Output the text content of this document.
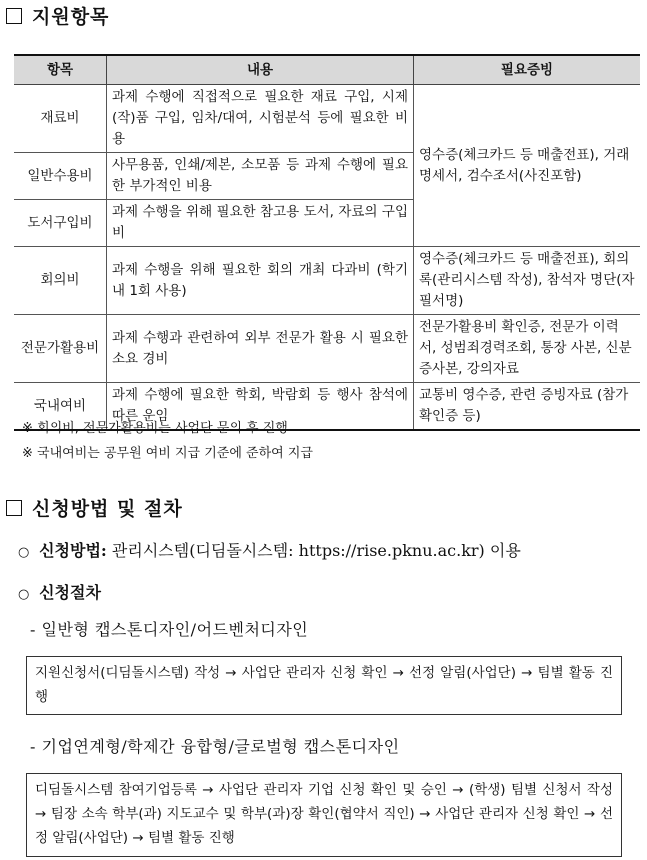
지원항목
항목	내용	필요증빙
재료비	과제 수행에 직접적으로 필요한 재료 구입, 시제(작)품 구입, 임차/대여, 시험분석 등에 필요한 비용	영수증(체크카드 등 매출전표), 거래명세서, 검수조서(사진포함)
일반수용비	사무용품, 인쇄/제본, 소모품 등 과제 수행에 필요한 부가적인 비용	
도서구입비	과제 수행을 위해 필요한 참고용 도서, 자료의 구입비	
회의비	과제 수행을 위해 필요한 회의 개최 다과비 (학기내 1회 사용)	영수증(체크카드 등 매출전표), 회의록(관리시스템 작성), 참석자 명단(자필서명)
전문가활용비	과제 수행과 관련하여 외부 전문가 활용 시 필요한 소요 경비	전문가활용비 확인증, 전문가 이력서, 성범죄경력조회, 통장 사본, 신분증사본, 강의자료
국내여비	과제 수행에 필요한 학회, 박람회 등 행사 참석에 따른 운임	교통비 영수증, 관련 증빙자료 (참가확인증 등)
※ 회의비, 전문가활용비는 사업단 문의 후 진행
※ 국내여비는 공무원 여비 지급 기준에 준하여 지급
신청방법 및 절차
○ 신청방법: 관리시스템(디딤돌시스템: https://rise.pknu.ac.kr) 이용
○ 신청절차
- 일반형 캡스톤디자인/어드벤처디자인
지원신청서(디딤돌시스템) 작성 → 사업단 관리자 신청 확인 → 선정 알림(사업단) → 팀별 활동 진행
- 기업연계형/학제간 융합형/글로벌형 캡스톤디자인
디딤돌시스템 참여기업등록 → 사업단 관리자 기업 신청 확인 및 승인 → (학생) 팀별 신청서 작성 → 팀장 소속 학부(과) 지도교수 및 학부(과)장 확인(협약서 직인) → 사업단 관리자 신청 확인 → 선정 알림(사업단) → 팀별 활동 진행
